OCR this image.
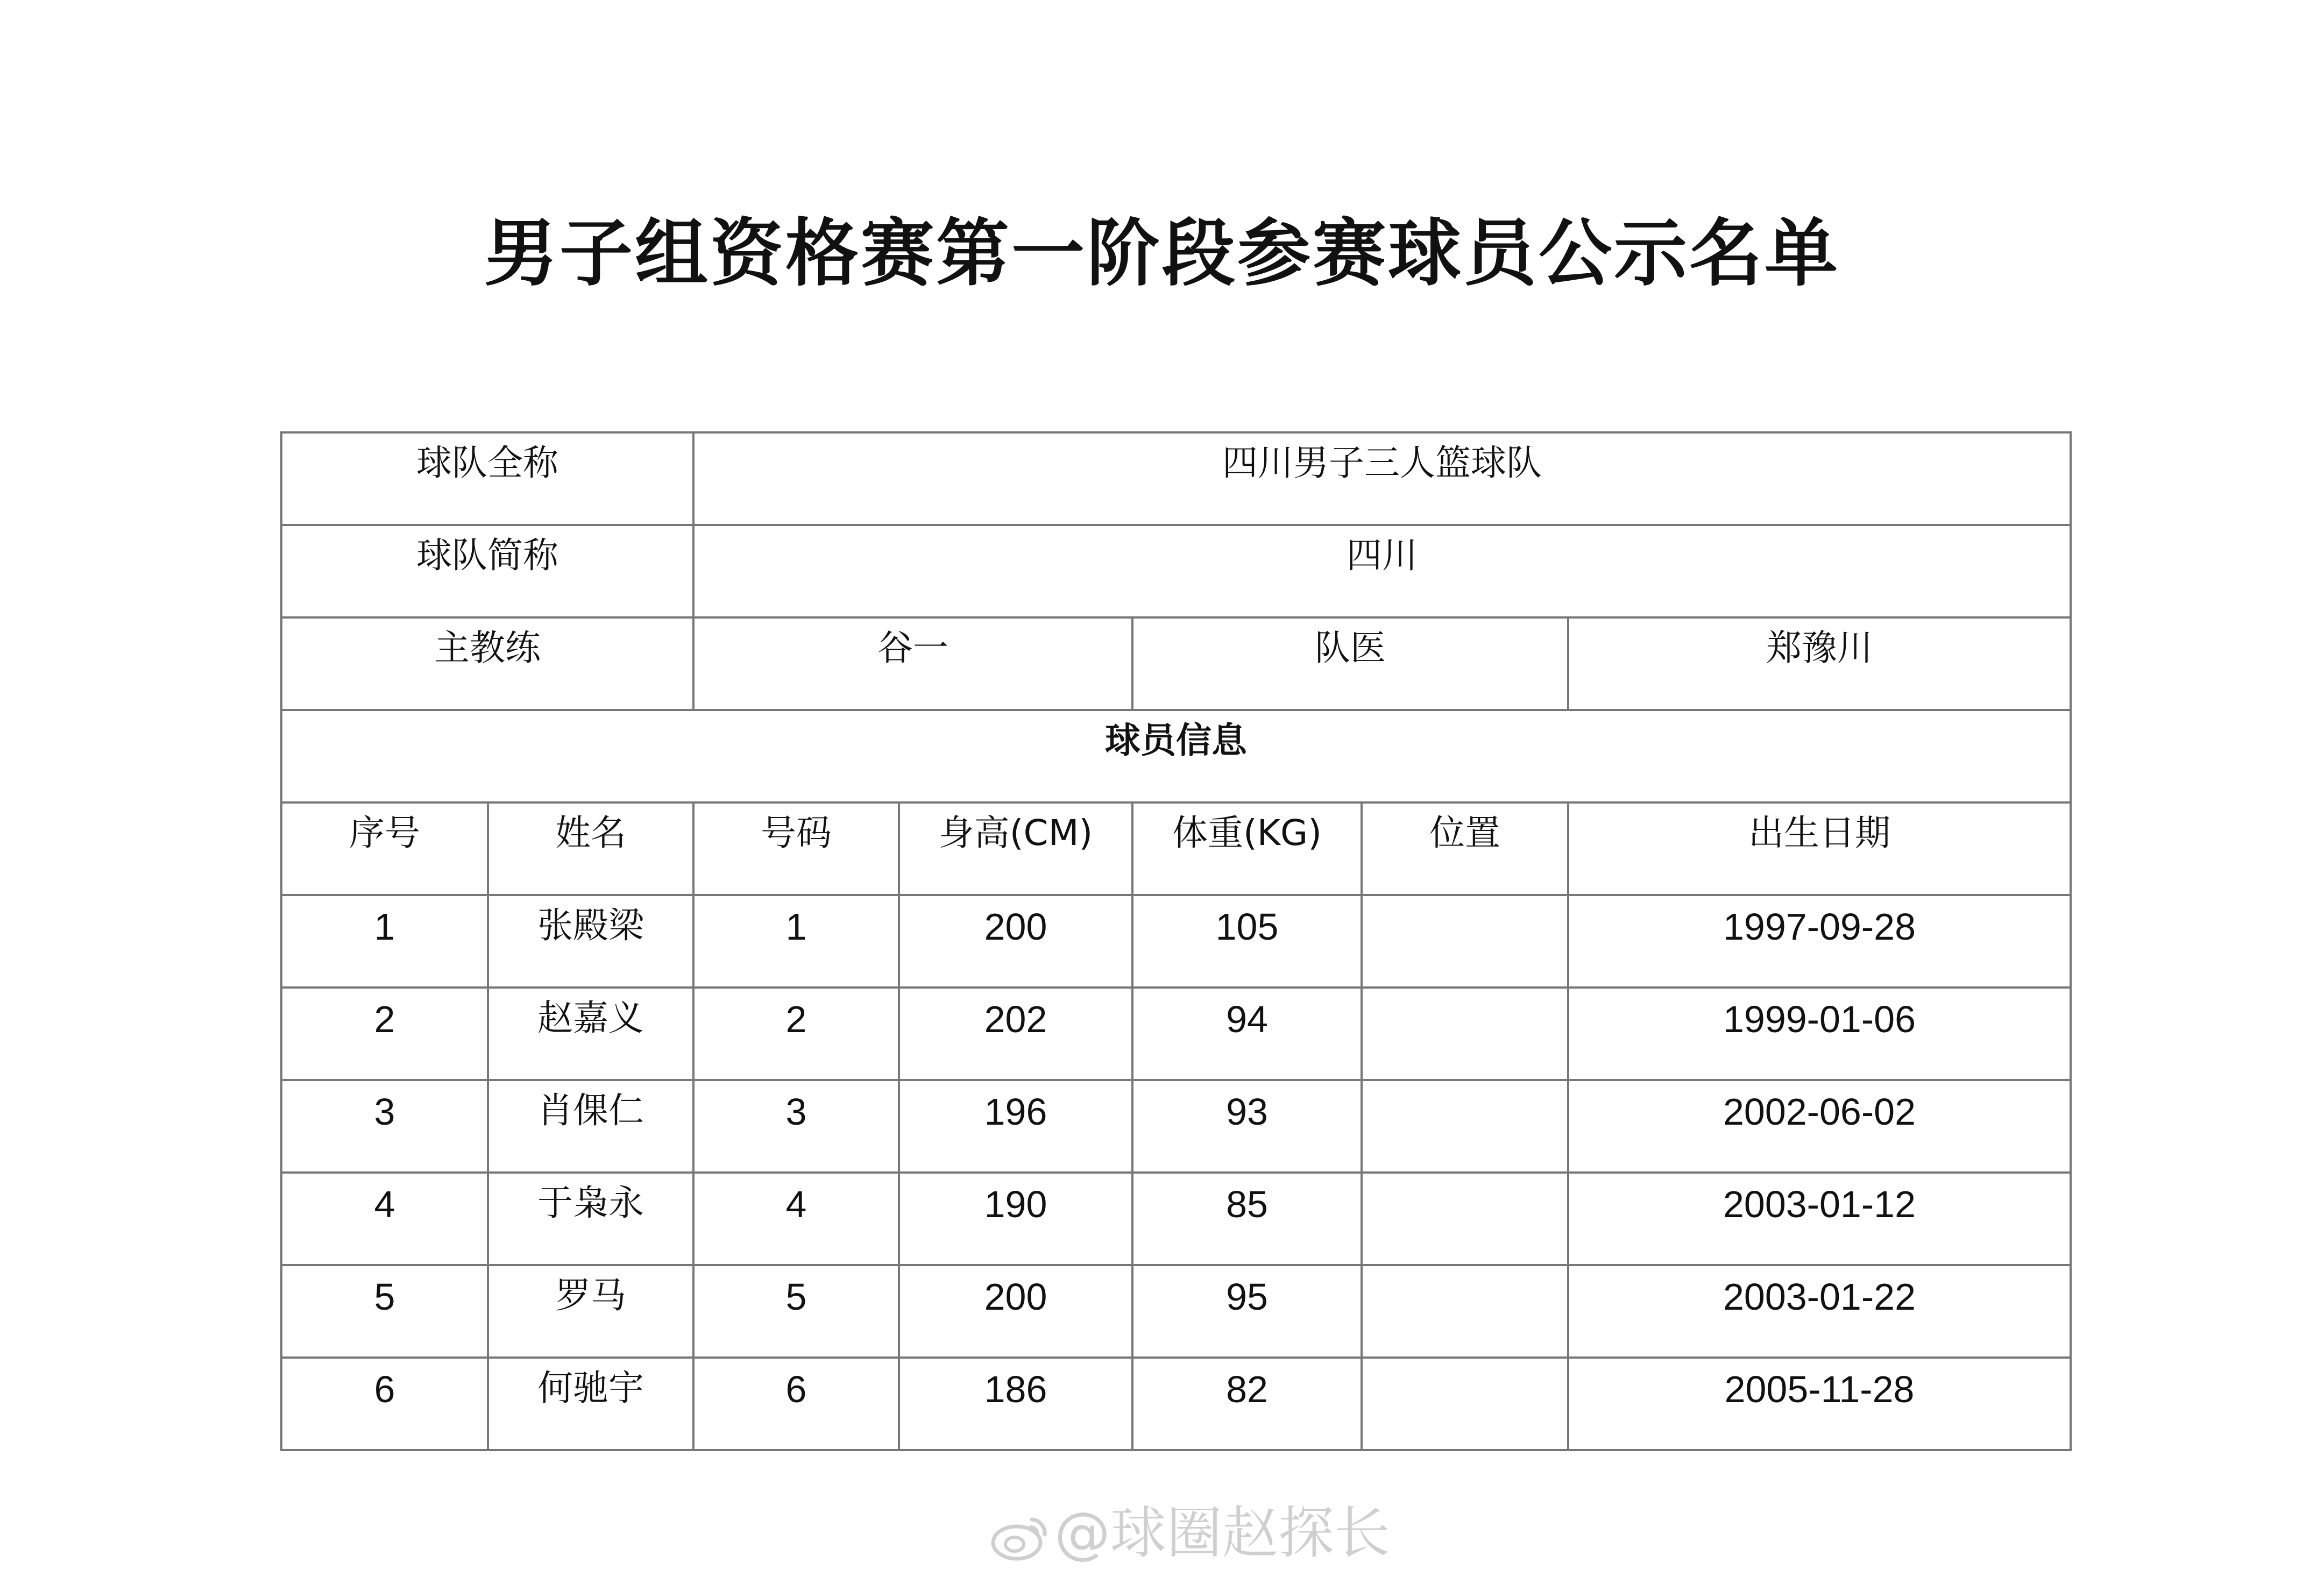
男子组资格赛第一阶段参赛球员公示名单
球队全称		四川男子三人篮球队				
球队简称		四川				
主教练		谷一		队医		郑豫川
球员信息						
序号	姓名	号码	身高(CM)	体重(KG)	位置	出生日期
1	张殿梁	1	200	105		1997-09-28
2	赵嘉义	2	202	94		1999-01-06
3	肖倮仁	3	196	93		2002-06-02
4	于枭永	4	190	85		2003-01-12
5	罗马	5	200	95		2003-01-22
6	何驰宇	6	186	82		2005-11-28
@球圈赵探长
